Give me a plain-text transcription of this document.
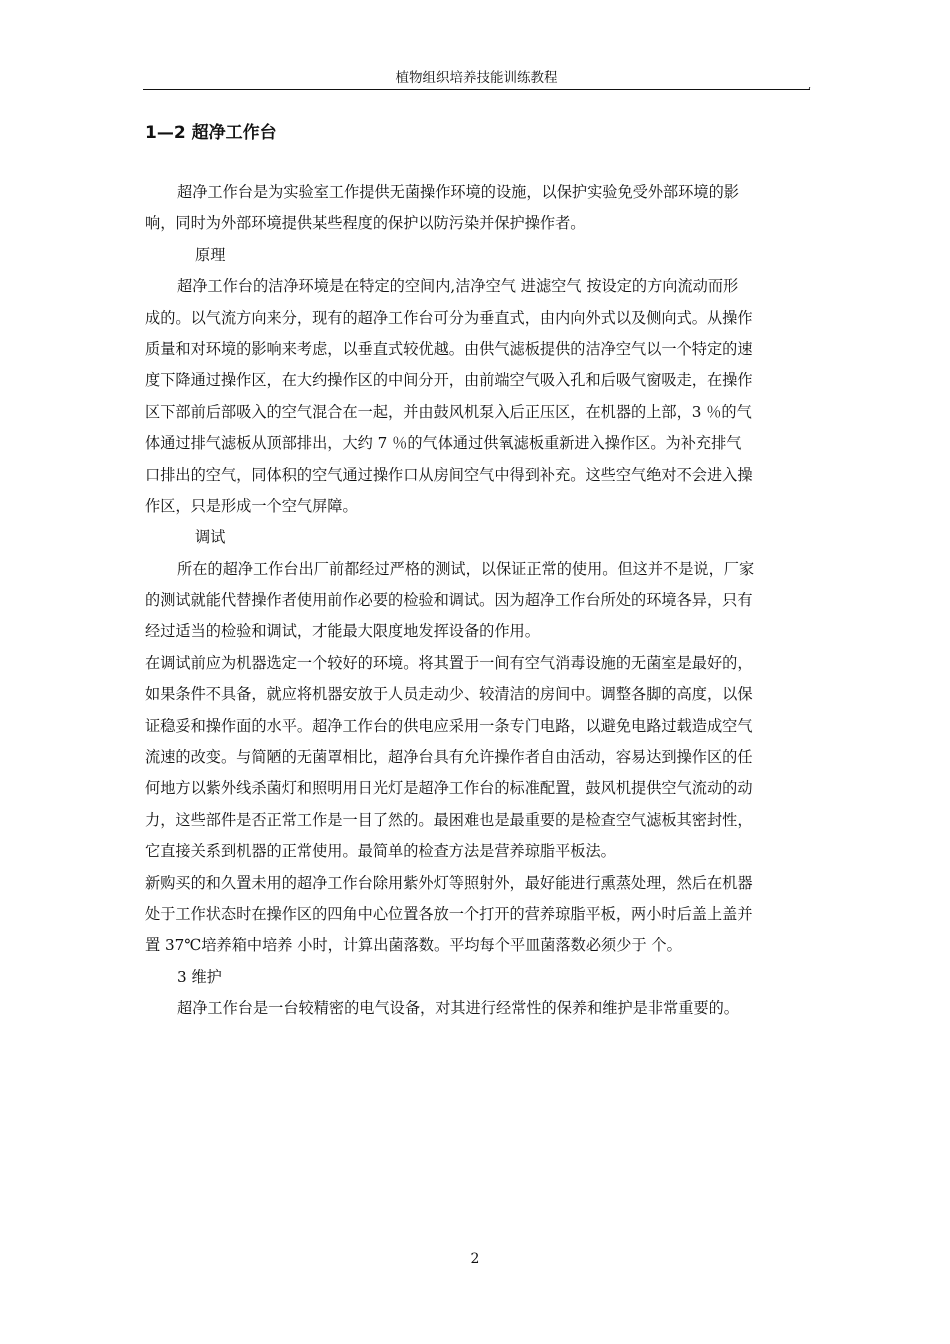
植物组织培养技能训练教程	,
1—2 超净工作台
超净工作台是为实验室工作提供无菌操作环境的设施，以保护实验免受外部环境的影
响，同时为外部环境提供某些程度的保护以防污染并保护操作者。
原理
超净工作台的洁净环境是在特定的空间内,洁净空气 进滤空气 按设定的方向流动而形
成的。以气流方向来分，现有的超净工作台可分为垂直式，由内向外式以及侧向式。从操作
质量和对环境的影响来考虑，以垂直式较优越。由供气滤板提供的洁净空气以一个特定的速
度下降通过操作区，在大约操作区的中间分开，由前端空气吸入孔和后吸气窗吸走，在操作
区下部前后部吸入的空气混合在一起，并由鼓风机泵入后正压区，在机器的上部，3 ％的气
体通过排气滤板从顶部排出，大约 7 ％的气体通过供氧滤板重新进入操作区。为补充排气
口排出的空气，同体积的空气通过操作口从房间空气中得到补充。这些空气绝对不会进入操
作区，只是形成一个空气屏障。
调试
所在的超净工作台出厂前都经过严格的测试，以保证正常的使用。但这并不是说，厂家
的测试就能代替操作者使用前作必要的检验和调试。因为超净工作台所处的环境各异，只有
经过适当的检验和调试，才能最大限度地发挥设备的作用。
在调试前应为机器选定一个较好的环境。将其置于一间有空气消毒设施的无菌室是最好的，
如果条件不具备，就应将机器安放于人员走动少、较清洁的房间中。调整各脚的高度，以保
证稳妥和操作面的水平。超净工作台的供电应采用一条专门电路，以避免电路过载造成空气
流速的改变。与简陋的无菌罩相比，超净台具有允许操作者自由活动，容易达到操作区的任
何地方以紫外线杀菌灯和照明用日光灯是超净工作台的标准配置，鼓风机提供空气流动的动
力，这些部件是否正常工作是一目了然的。最困难也是最重要的是检查空气滤板其密封性，
它直接关系到机器的正常使用。最简单的检查方法是营养琼脂平板法。
新购买的和久置未用的超净工作台除用紫外灯等照射外，最好能进行熏蒸处理，然后在机器
处于工作状态时在操作区的四角中心位置各放一个打开的营养琼脂平板，两小时后盖上盖并
置 37℃培养箱中培养 小时，计算出菌落数。平均每个平皿菌落数必须少于 个。
3 维护
超净工作台是一台较精密的电气设备，对其进行经常性的保养和维护是非常重要的。
2
